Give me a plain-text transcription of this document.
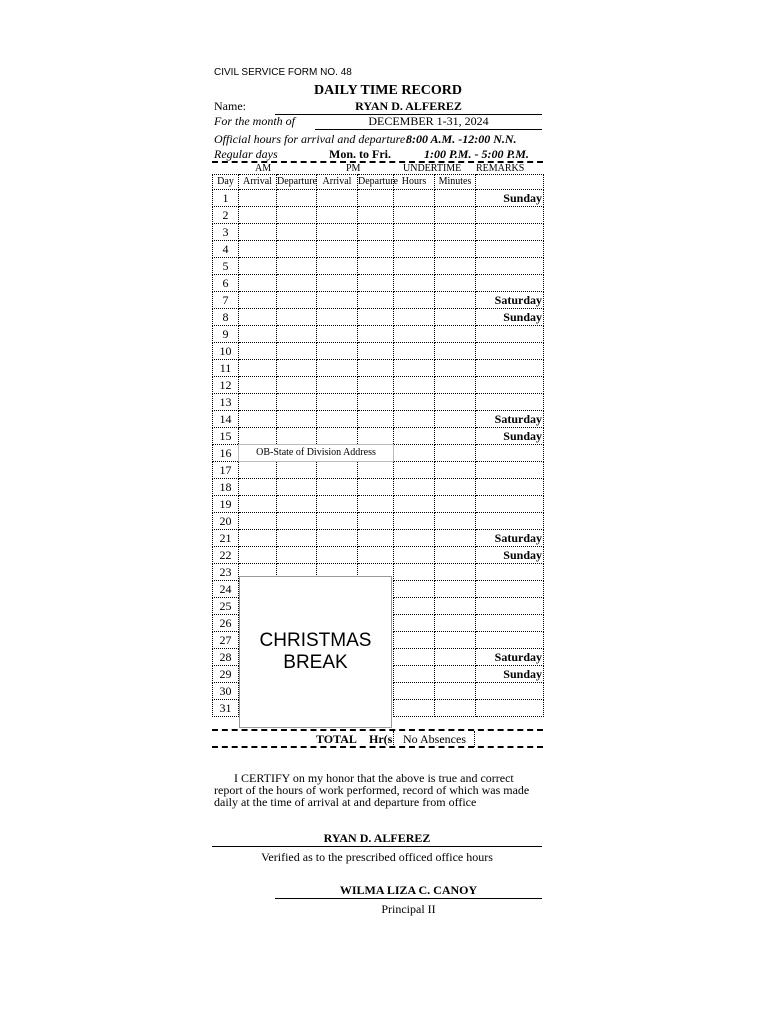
CIVIL SERVICE FORM NO. 48
DAILY TIME RECORD
Name:	RYAN D. ALFEREZ
For the month of	DECEMBER 1-31, 2024
Official hours for arrival and departure:
8:00 A.M. -12:00 N.N.
Regular days	Mon. to Fri.	1:00 P.M. - 5:00 P.M.
AM	PM	UNDERTIME REMARKS
Day	Arrival	Departure	Arrival	Departure	Hours	Minutes	
1							Sunday
2							
3							
4							
5							
6							
7							Saturday
8							Sunday
9							
10							
11							
12							
13							
14							Saturday
15							Sunday
16	OB-State of Division Address						
17							
18							
19							
20							
21							Saturday
22							Sunday
23							
24							
25							
26							
27							
28							Saturday
29							Sunday
30							
31							
CHRISTMAS
BREAK
TOTAL Hr(s No Absences
I CERTIFY on my honor that the above is true and correct report of the hours of work performed, record of which was made daily at the time of arrival at and departure from office
RYAN D. ALFEREZ
Verified as to the prescribed officed office hours
WILMA LIZA C. CANOY
Principal II
